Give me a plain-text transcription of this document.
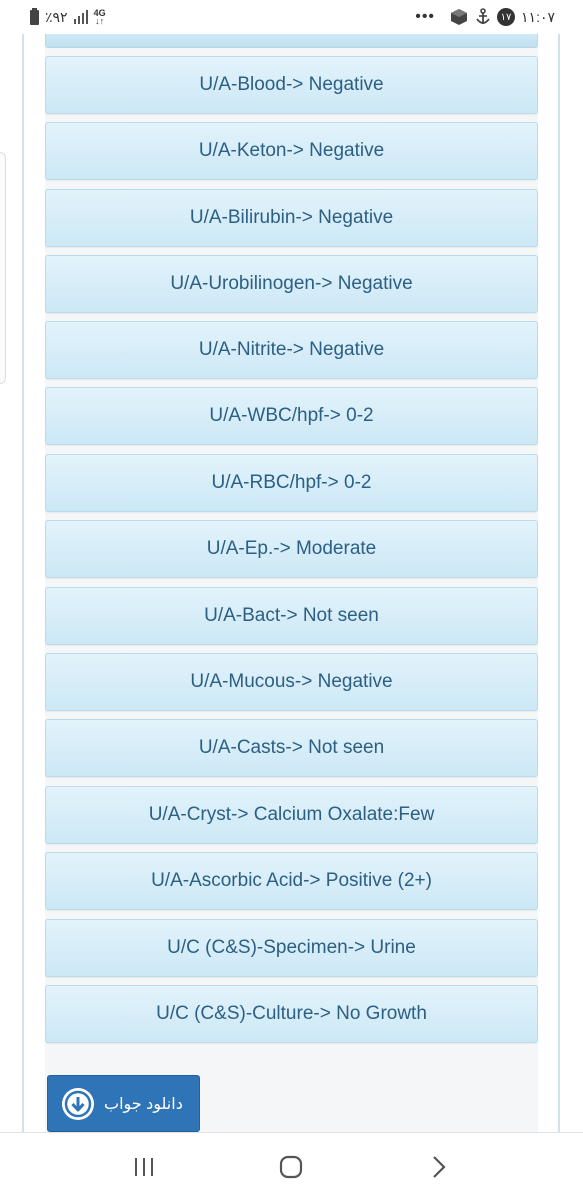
٪۹۲	4G
↓↑	•••	۱۷ ۱۱:۰۷
U/A-Blood-> Negative
U/A-Keton-> Negative
U/A-Bilirubin-> Negative
U/A-Urobilinogen-> Negative
U/A-Nitrite-> Negative
U/A-WBC/hpf-> 0-2
U/A-RBC/hpf-> 0-2
U/A-Ep.-> Moderate
U/A-Bact-> Not seen
U/A-Mucous-> Negative
U/A-Casts-> Not seen
U/A-Cryst-> Calcium Oxalate:Few
U/A-Ascorbic Acid-> Positive (2+)
U/C (C&S)-Specimen-> Urine
U/C (C&S)-Culture-> No Growth
دانلود جواب
